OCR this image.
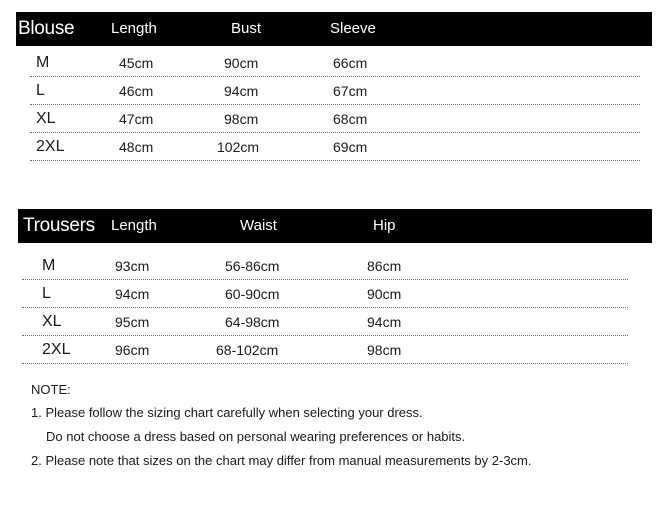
Blouse Length	Bust	Sleeve
M	45cm	90cm	66cm
L	46cm	94cm	67cm
XL	47cm	98cm	68cm
2XL	48cm	102cm	69cm
Trousers Length	Waist	Hip
M	93cm	56-86cm	86cm
L	94cm	60-90cm	90cm
XL	95cm	64-98cm	94cm
2XL	96cm	68-102cm	98cm
NOTE:
1. Please follow the sizing chart carefully when selecting your dress.
Do not choose a dress based on personal wearing preferences or habits.
2. Please note that sizes on the chart may differ from manual measurements by 2-3cm.
